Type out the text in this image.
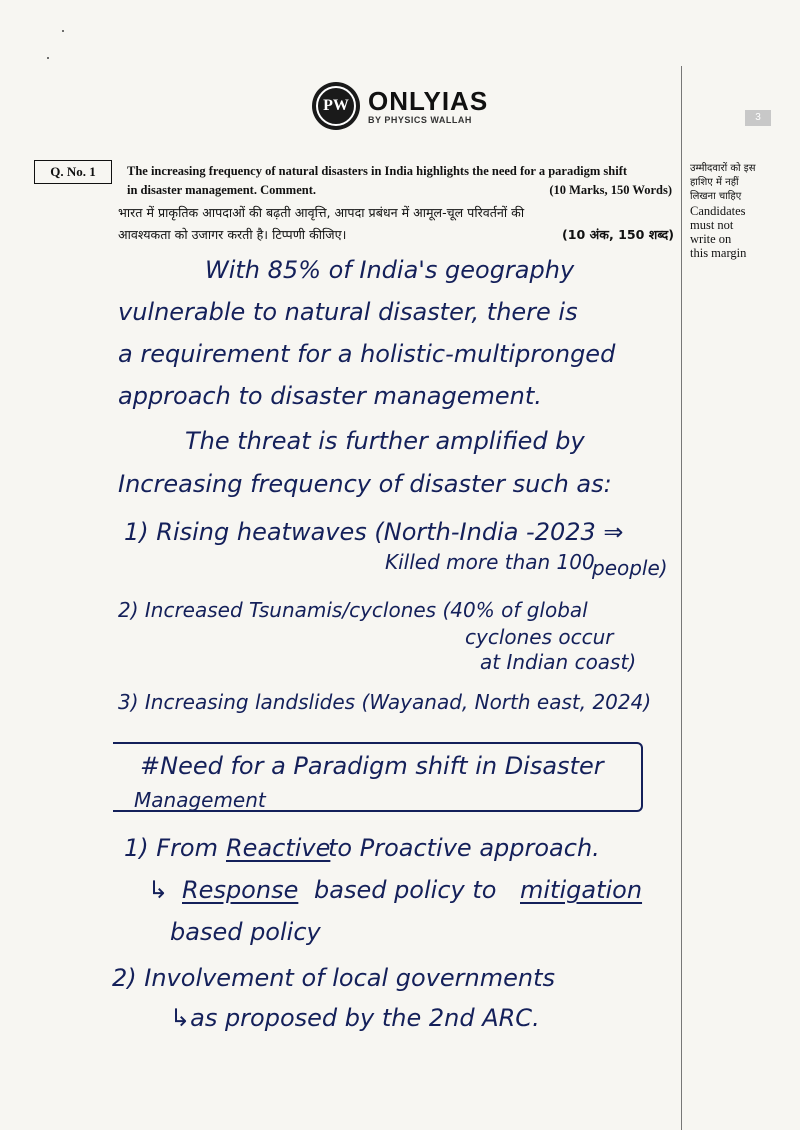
3
PW ONLYIAS
BY PHYSICS WALLAH
Q. No. 1	The increasing frequency of natural disasters in India highlights the need for a paradigm shift
in disaster management. Comment.	(10 Marks, 150 Words)
भारत में प्राकृतिक आपदाओं की बढ़ती आवृत्ति, आपदा प्रबंधन में आमूल-चूल परिवर्तनों की
आवश्यकता को उजागर करती है। टिप्पणी कीजिए।	(10 अंक, 150 शब्द)
उम्मीदवारों को इस
हाशिए में नहीं
लिखना चाहिए
Candidates
must not
write on
this margin
With 85% of India's geography
vulnerable to natural disaster, there is
a requirement for a holistic-multipronged
approach to disaster management.
The threat is further amplified by
Increasing frequency of disaster such as:
1) Rising heatwaves (North-India -2023 ⇒
Killed more than 100
people)
2) Increased Tsunamis/cyclones (40% of global
cyclones occur
at Indian coast)
3) Increasing landslides (Wayanad, North east, 2024)
#Need for a Paradigm shift in Disaster
Management
1) From Reactive
to Proactive approach.
↳ Response based policy to mitigation
based policy
2) Involvement of local governments
↳as proposed by the 2nd ARC.
